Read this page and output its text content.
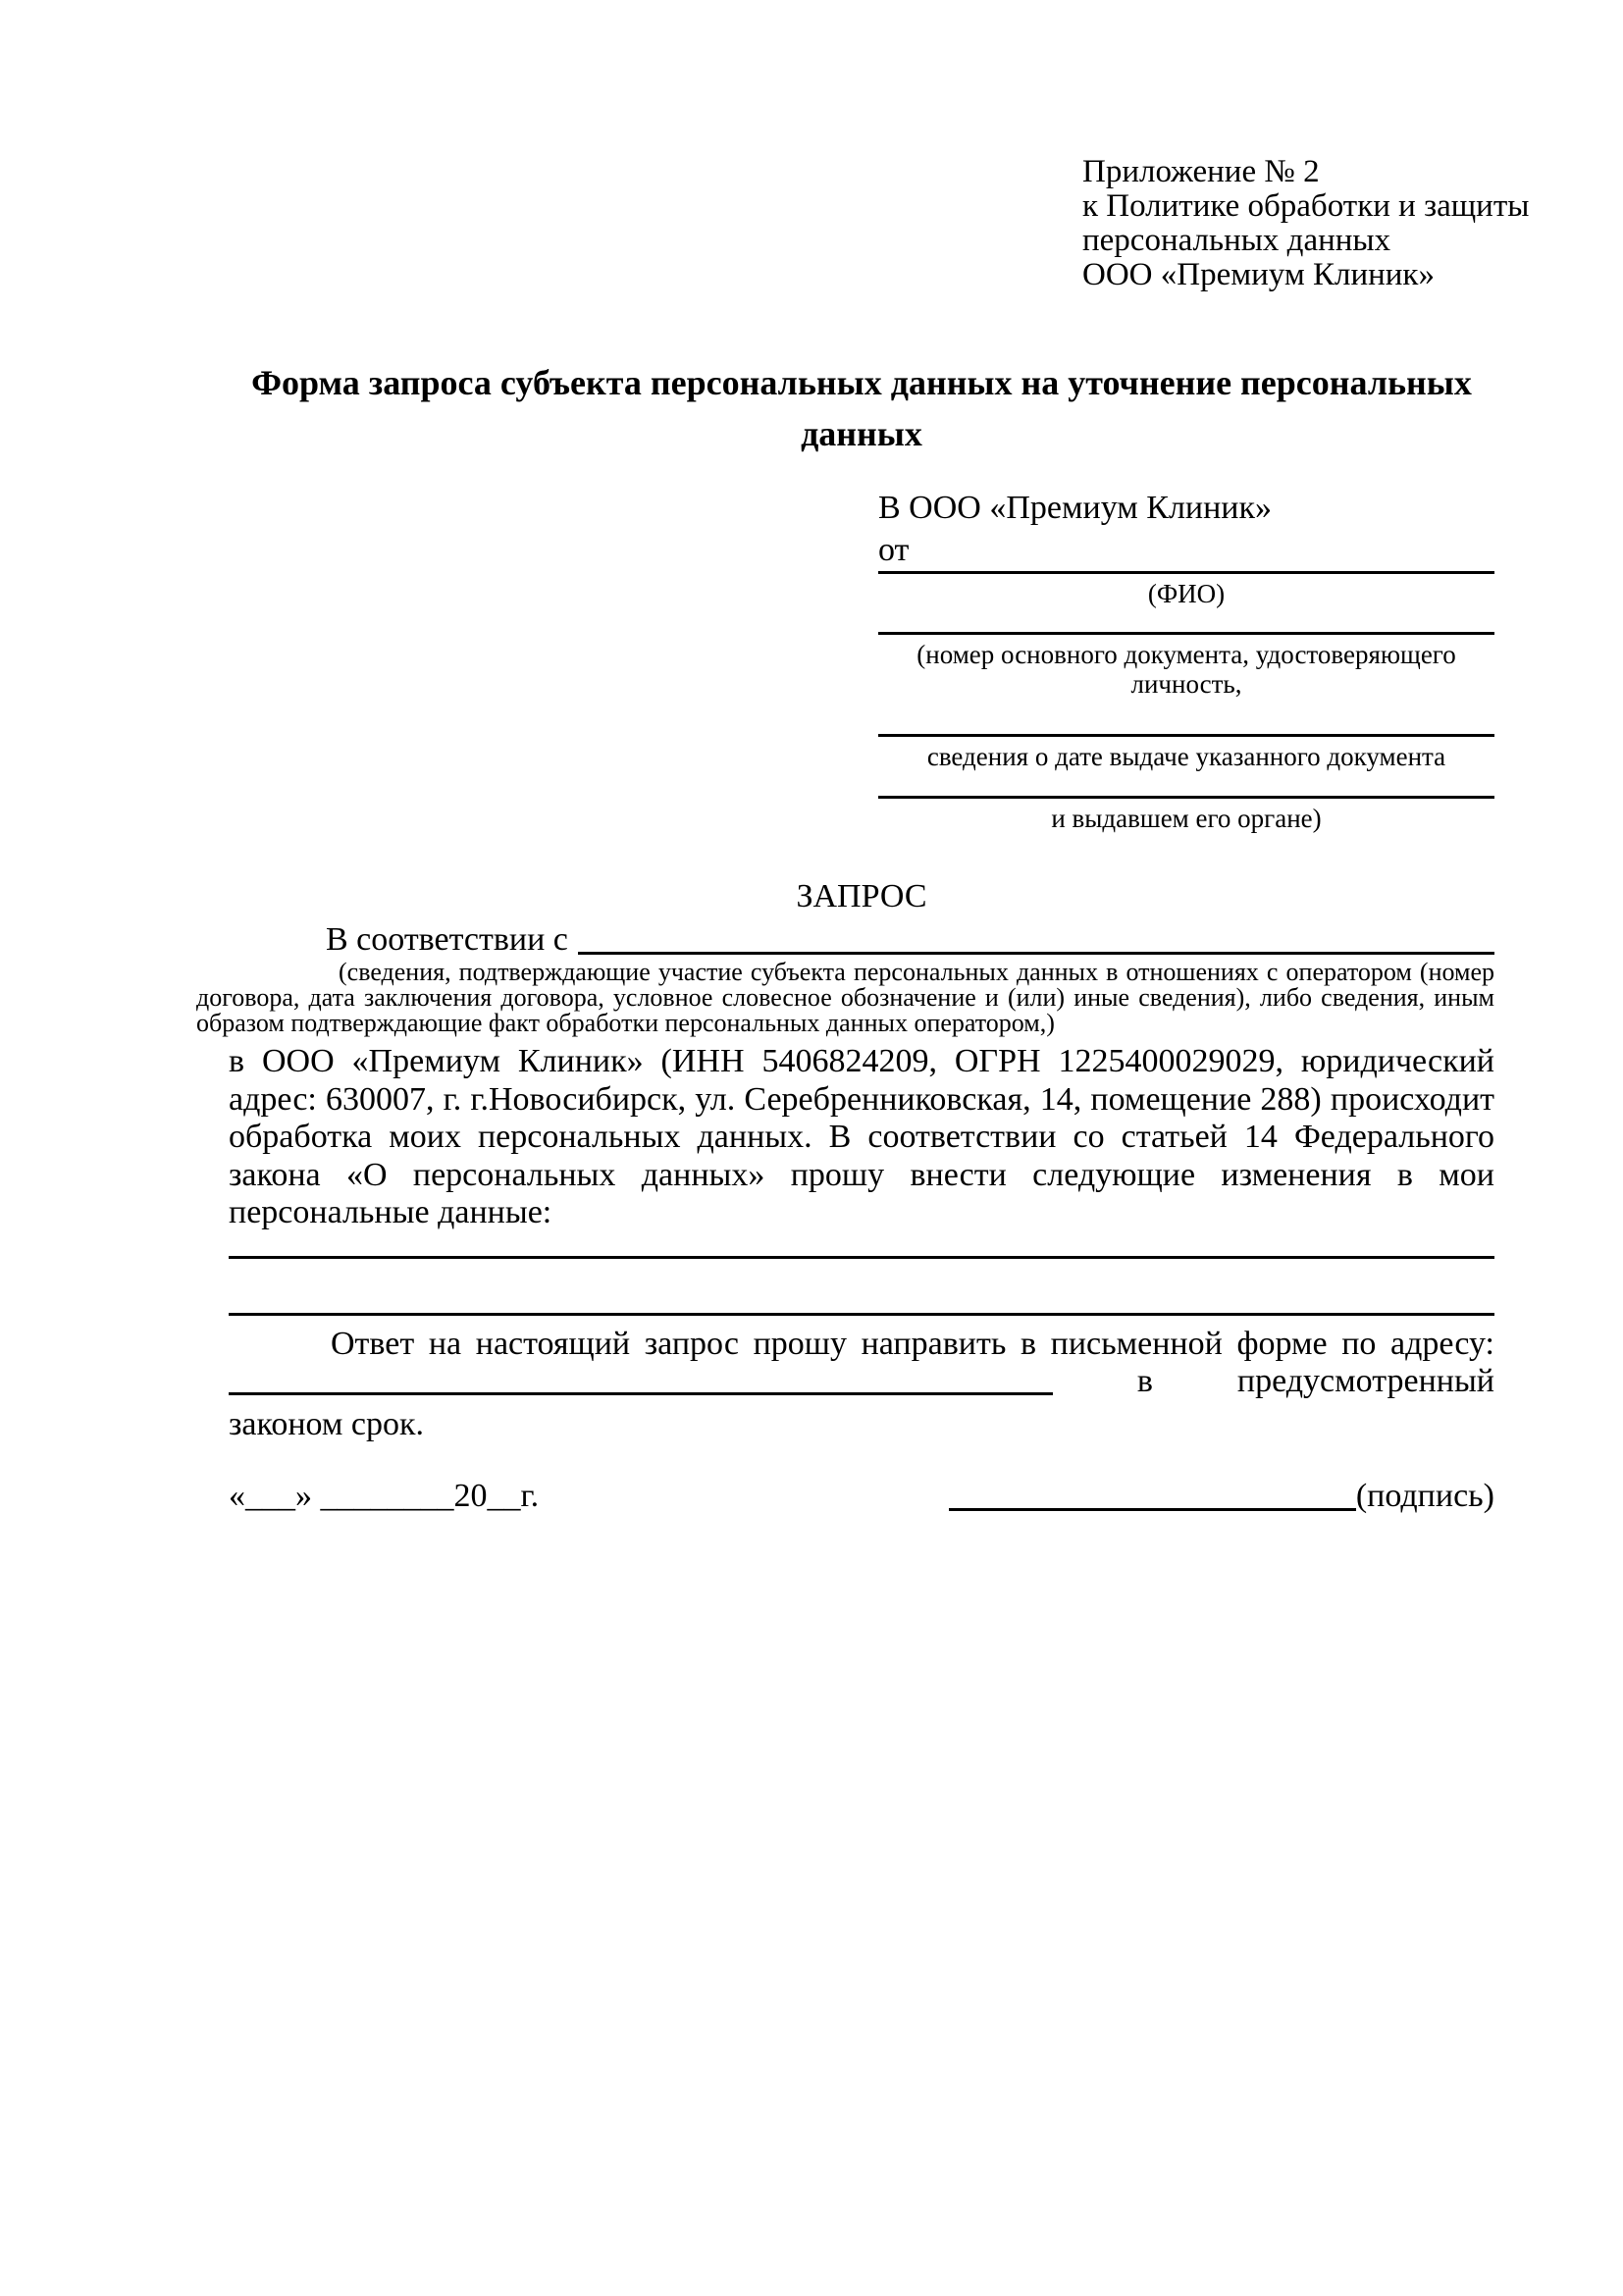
Приложение № 2
к Политике обработки и защиты
персональных данных
ООО «Премиум Клиник»
Форма запроса субъекта персональных данных на уточнение персональных данных
В ООО «Премиум Клиник»
от
(ФИО)
(номер основного документа, удостоверяющего личность,
сведения о дате выдаче указанного документа
и выдавшем его органе)
ЗАПРОС
В соответствии с

(сведения, подтверждающие участие субъекта персональных данных в отношениях с оператором (номер договора, дата заключения договора, условное словесное обозначение и (или) иные сведения), либо сведения, иным образом подтверждающие факт обработки персональных данных оператором,)

в ООО «Премиум Клиник» (ИНН 5406824209, ОГРН 1225400029029, юридический адрес: 630007, г. г.Новосибирск, ул. Серебренниковская, 14, помещение 288) происходит обработка моих персональных данных. В соответствии со статьей 14 Федерального закона «О персональных данных» прошу внести следующие изменения в мои персональные данные:

Ответ на настоящий запрос прошу направить в письменной форме по адресу:

в	предусмотренный

законом срок.

«___» ________20__г.	(подпись)
